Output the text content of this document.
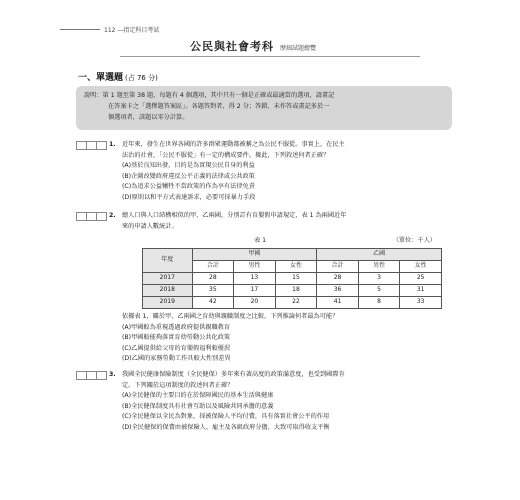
112 —指定科目考試
公民與社會考科 歷屆試題總覽
一、單選題 (占 76 分)
說明：第 1 題至第 38 題，每題有 4 個選項，其中只有一個是正確或最適當的選項，請畫記
在答案卡之「選擇題答案區」。各題答對者，得 2 分；答錯、未作答或畫記多於一
個選項者，該題以零分計算。
1. 近年來，發生在世界各國的許多群眾運動都被稱之為公民不服從。事實上，在民主
法治的社會，「公民不服從」有一定的構成要件。據此，下列敘述何者正確？
(A)基於良知出發，目的是為實現公民自身的利益
(B)企圖改變政府違反公平正義的法律或公共政策
(C)為追求公益犧牲不當政策的作為享有法律免責
(D)原則以和平方式表達訴求，必要可採暴力手段
2. 總人口與人口結構相似的甲、乙兩國，分別訂有育嬰假申請規定，表 1 為兩國近年
來的申請人數統計。
表 1	（單位：千人）
年度	甲國			乙國		
	合計	男性	女性	合計	男性	女性
2017	28	13	15	28	3	25
2018	35	17	18	36	5	31
2019	42	20	22	41	8	33
依據表 1，關於甲、乙兩國之育幼與親職制度之比較，下列推論何者最為可能？
(A)甲國較為重視透過政府提供親職教育
(B)甲國較能夠落實育幼勞動公共化政策
(C)乙國提供給父母的育嬰假福利較優渥
(D)乙國的家務勞動工作具較大性別差異
3. 我國全民健康保險制度（全民健保）多年來有著高度的政策滿意度，也受到國際肯
定。下列關於這項制度的敘述何者正確？
(A)全民健保的主要目的在於保障國民的基本生活與健康
(B)全民健保制度具有社會互助以及風險共同承擔的意義
(C)全民健保以全民為對象，採被保險人平均付費，具有落實社會公平的作用
(D)全民健保的保費由被保險人、雇主及各級政府分擔，大致可取得收支平衡
